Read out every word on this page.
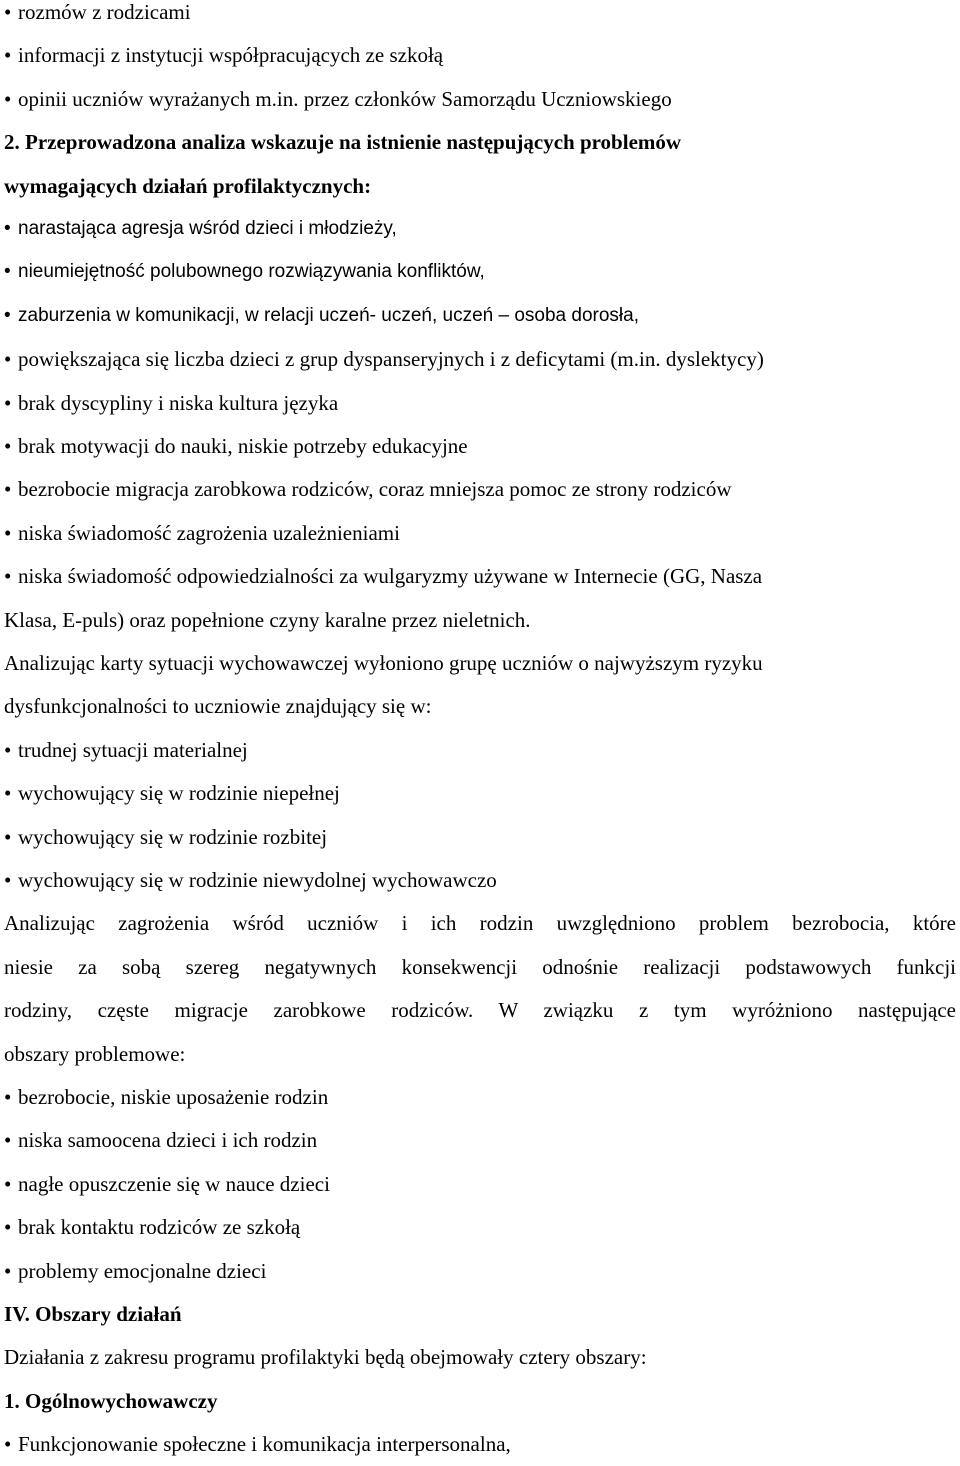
• rozmów z rodzicami
• informacji z instytucji współpracujących ze szkołą
• opinii uczniów wyrażanych m.in. przez członków Samorządu Uczniowskiego
2. Przeprowadzona analiza wskazuje na istnienie następujących problemów
wymagających działań profilaktycznych:
• narastająca agresja wśród dzieci i młodzieży,
• nieumiejętność polubownego rozwiązywania konfliktów,
• zaburzenia w komunikacji, w relacji uczeń- uczeń, uczeń – osoba dorosła,
• powiększająca się liczba dzieci z grup dyspanseryjnych i z deficytami (m.in. dyslektycy)
• brak dyscypliny i niska kultura języka
• brak motywacji do nauki, niskie potrzeby edukacyjne
• bezrobocie migracja zarobkowa rodziców, coraz mniejsza pomoc ze strony rodziców
• niska świadomość zagrożenia uzależnieniami
• niska świadomość odpowiedzialności za wulgaryzmy używane w Internecie (GG, Nasza
Klasa, E-puls) oraz popełnione czyny karalne przez nieletnich.
Analizując karty sytuacji wychowawczej wyłoniono grupę uczniów o najwyższym ryzyku
dysfunkcjonalności to uczniowie znajdujący się w:
• trudnej sytuacji materialnej
• wychowujący się w rodzinie niepełnej
• wychowujący się w rodzinie rozbitej
• wychowujący się w rodzinie niewydolnej wychowawczo
Analizując zagrożenia wśród uczniów i ich rodzin uwzględniono problem bezrobocia, które
niesie za sobą szereg negatywnych konsekwencji odnośnie realizacji podstawowych funkcji
rodziny, częste migracje zarobkowe rodziców. W związku z tym wyróżniono następujące
obszary problemowe:
• bezrobocie, niskie uposażenie rodzin
• niska samoocena dzieci i ich rodzin
• nagłe opuszczenie się w nauce dzieci
• brak kontaktu rodziców ze szkołą
• problemy emocjonalne dzieci
IV. Obszary działań
Działania z zakresu programu profilaktyki będą obejmowały cztery obszary:
1. Ogólnowychowawczy
• Funkcjonowanie społeczne i komunikacja interpersonalna,
